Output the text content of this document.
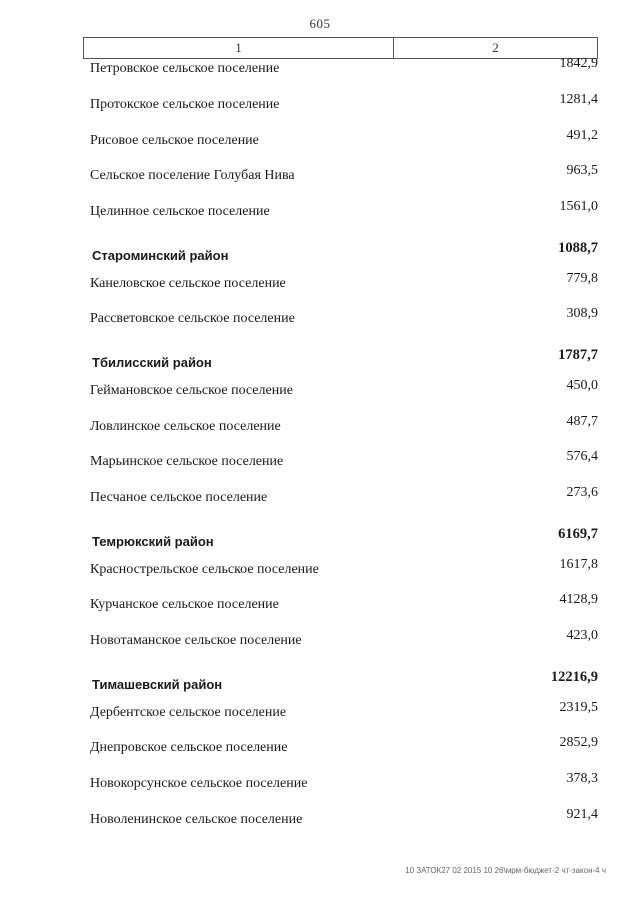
605
1	2
Петровское сельское поселение	1842,9
Протокское сельское поселение	1281,4
Рисовое сельское поселение	491,2
Сельское поселение Голубая Нива	963,5
Целинное сельское поселение	1561,0
Староминский район	1088,7
Канеловское сельское поселение	779,8
Рассветовское сельское поселение	308,9
Тбилисский район	1787,7
Геймановское сельское поселение	450,0
Ловлинское сельское поселение	487,7
Марьинское сельское поселение	576,4
Песчаное сельское поселение	273,6
Темрюкский район	6169,7
Краснострельское сельское поселение	1617,8
Курчанское сельское поселение	4128,9
Новотаманское сельское поселение	423,0
Тимашевский район	12216,9
Дербентское сельское поселение	2319,5
Днепровское сельское поселение	2852,9
Новокорсунское сельское поселение	378,3
Новоленинское сельское поселение	921,4
10 ЗАТОК27 02 2015 10 26\мрм-бюджет-2 чт-закон-4 ч
